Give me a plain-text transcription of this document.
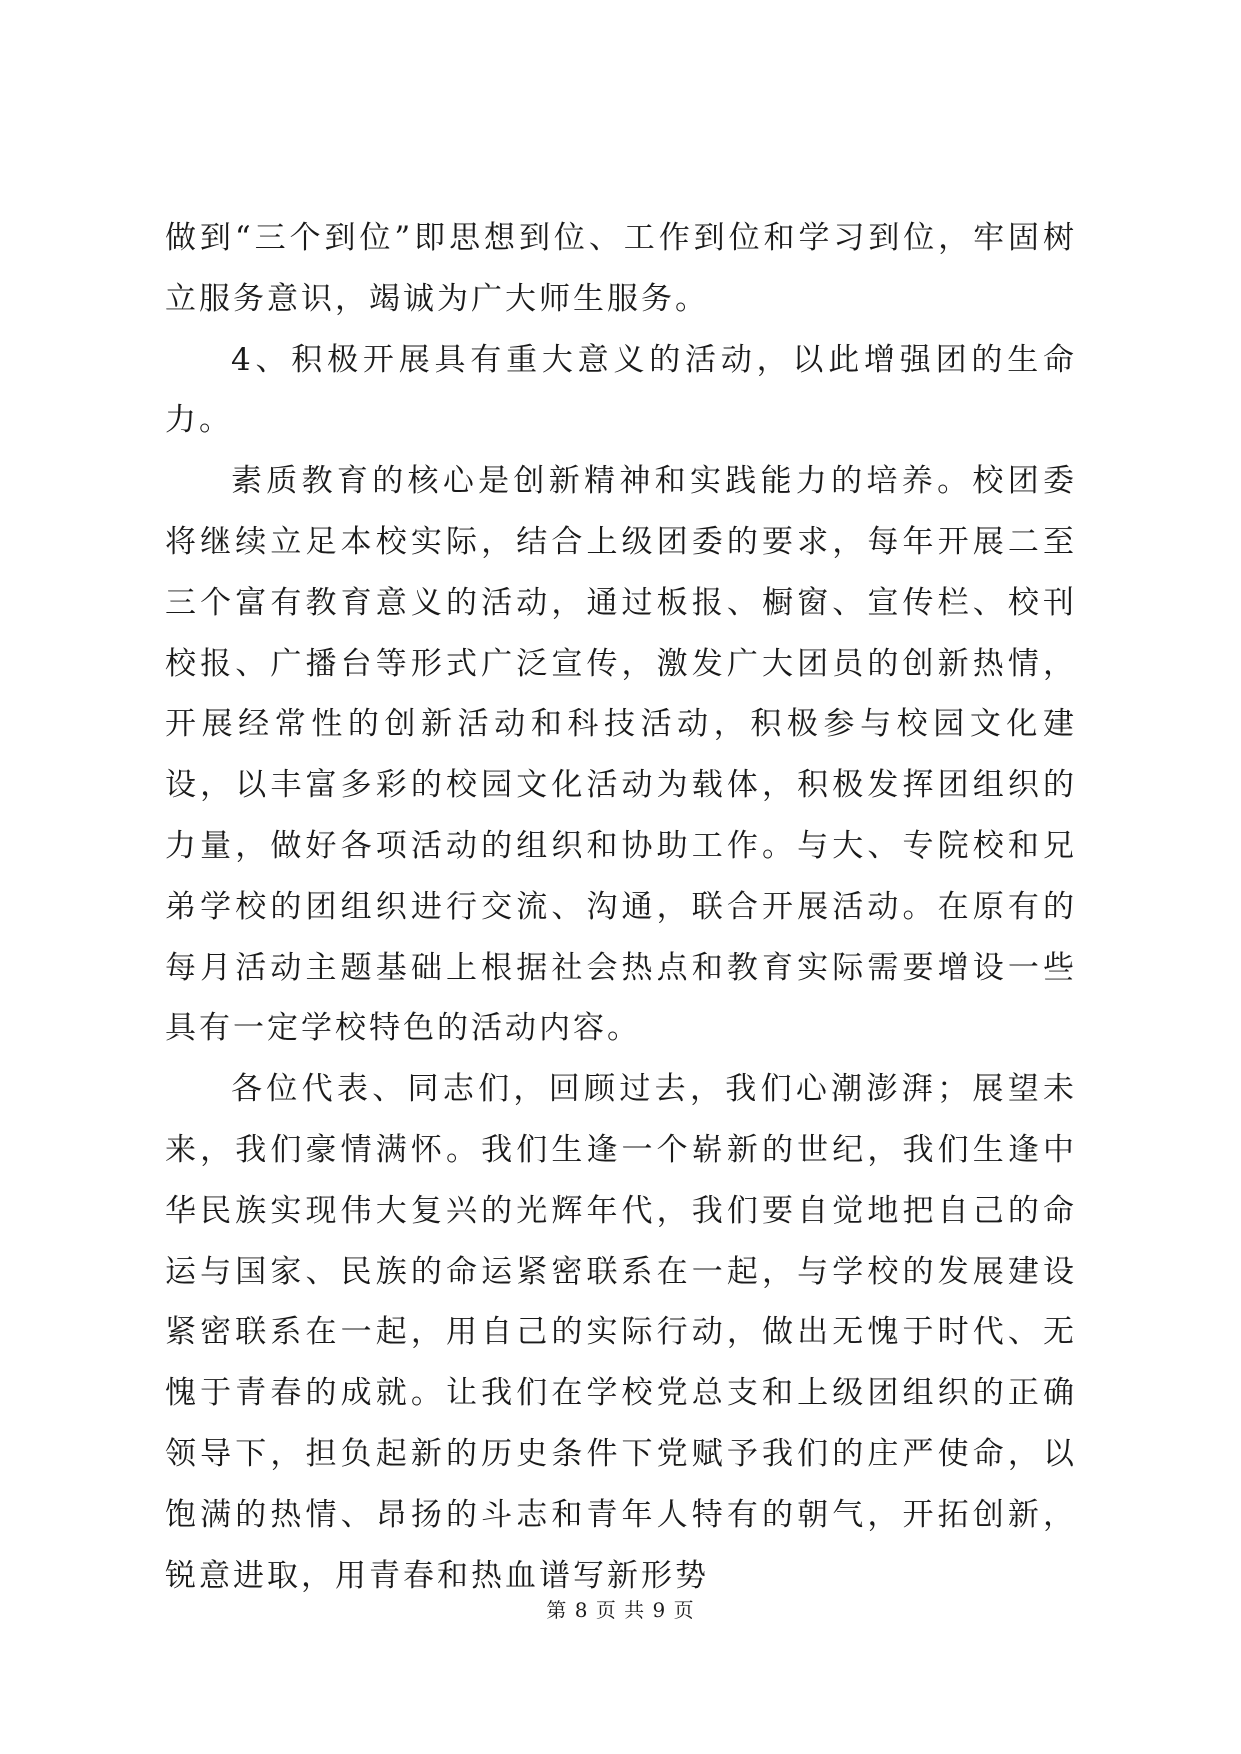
做到“三个到位”即思想到位、工作到位和学习到位，牢固树立服务意识，竭诚为广大师生服务。

4、积极开展具有重大意义的活动，以此增强团的生命力。

素质教育的核心是创新精神和实践能力的培养。校团委将继续立足本校实际，结合上级团委的要求，每年开展二至三个富有教育意义的活动，通过板报、橱窗、宣传栏、校刊校报、广播台等形式广泛宣传，激发广大团员的创新热情，开展经常性的创新活动和科技活动，积极参与校园文化建设，以丰富多彩的校园文化活动为载体，积极发挥团组织的力量，做好各项活动的组织和协助工作。与大、专院校和兄弟学校的团组织进行交流、沟通，联合开展活动。在原有的每月活动主题基础上根据社会热点和教育实际需要增设一些具有一定学校特色的活动内容。

各位代表、同志们，回顾过去，我们心潮澎湃；展望未来，我们豪情满怀。我们生逢一个崭新的世纪，我们生逢中华民族实现伟大复兴的光辉年代，我们要自觉地把自己的命运与国家、民族的命运紧密联系在一起，与学校的发展建设紧密联系在一起，用自己的实际行动，做出无愧于时代、无愧于青春的成就。让我们在学校党总支和上级团组织的正确领导下，担负起新的历史条件下党赋予我们的庄严使命，以饱满的热情、昂扬的斗志和青年人特有的朝气，开拓创新，锐意进取，用青春和热血谱写新形势

第 8 页 共 9 页
